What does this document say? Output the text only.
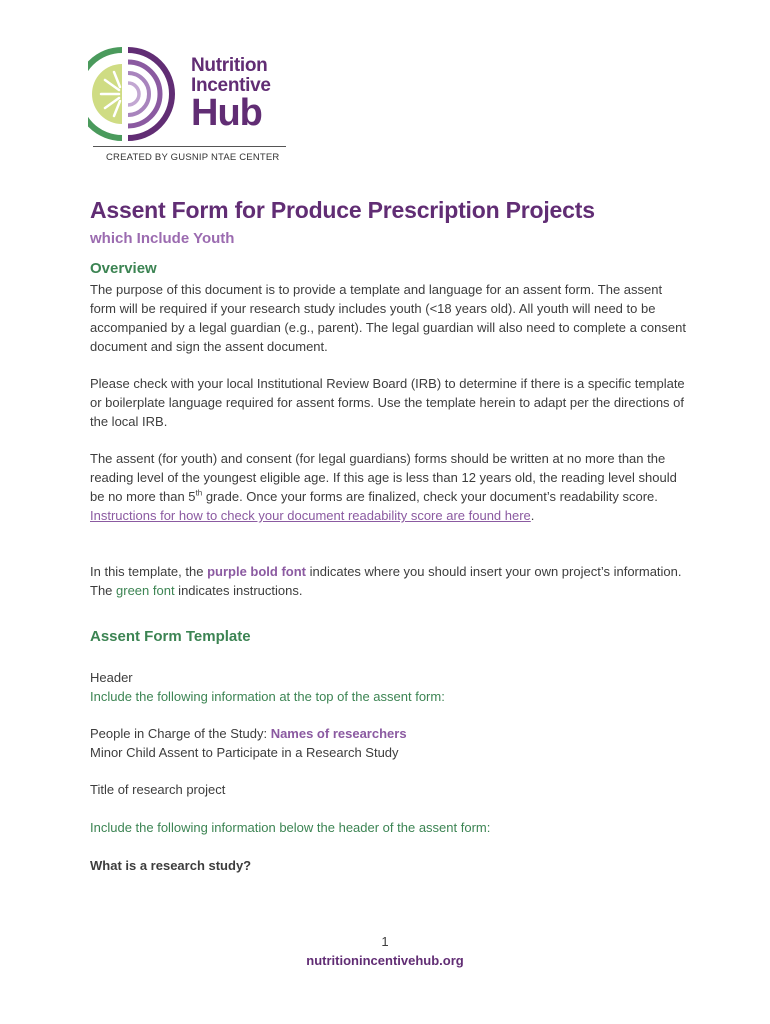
Nutrition
Incentive
Hub
CREATED BY GUSNIP NTAE CENTER
Assent Form for Produce Prescription Projects
which Include Youth
Overview

The purpose of this document is to provide a template and language for an assent form. The assent form will be required if your research study includes youth (<18 years old). All youth will need to be accompanied by a legal guardian (e.g., parent). The legal guardian will also need to complete a consent document and sign the assent document.

Please check with your local Institutional Review Board (IRB) to determine if there is a specific template or boilerplate language required for assent forms. Use the template herein to adapt per the directions of the local IRB.

The assent (for youth) and consent (for legal guardians) forms should be written at no more than the reading level of the youngest eligible age. If this age is less than 12 years old, the reading level should be no more than 5th grade. Once your forms are finalized, check your document’s readability score. Instructions for how to check your document readability score are found here.

In this template, the purple bold font indicates where you should insert your own project’s information. The green font indicates instructions.

Assent Form Template

Header

Include the following information at the top of the assent form:

People in Charge of the Study: Names of researchers

Minor Child Assent to Participate in a Research Study

Title of research project

Include the following information below the header of the assent form:

What is a research study?

1
nutritionincentivehub.org
